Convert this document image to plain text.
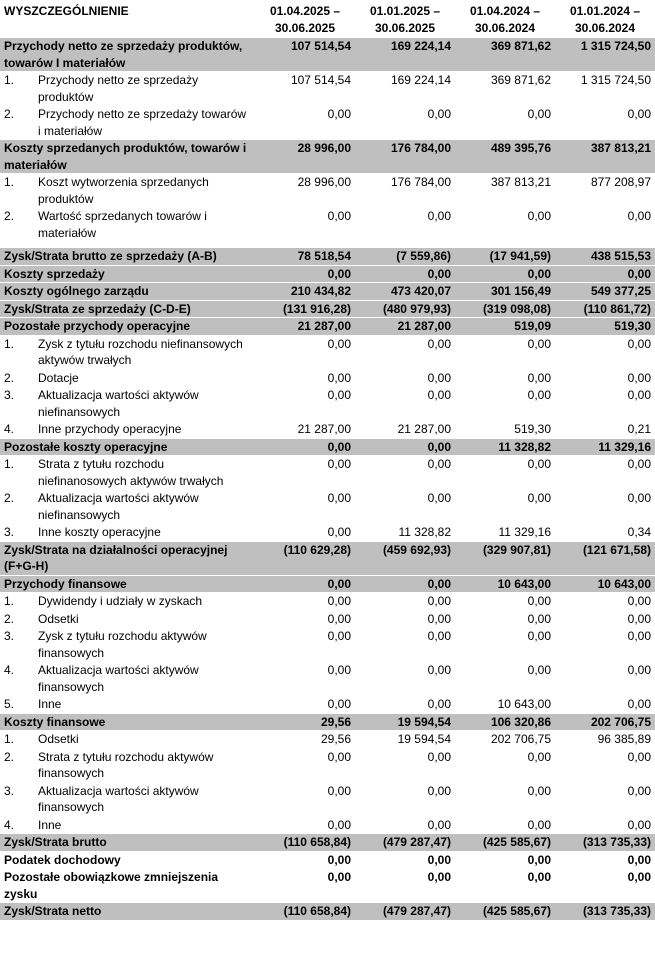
WYSZCZEGÓLNIENIE	01.04.2025 – 30.06.2025	01.01.2025 – 30.06.2025	01.04.2024 – 30.06.2024	01.01.2024 – 30.06.2024
Przychody netto ze sprzedaży produktów, towarów I materiałów	107 514,54	169 224,14	369 871,62	1 315 724,50

1. Przychody netto ze sprzedaży produktów	107 514,54	169 224,14	369 871,62	1 315 724,50

2. Przychody netto ze sprzedaży towarów i materiałów	0,00	0,00	0,00	0,00
Koszty sprzedanych produktów, towarów i materiałów	28 996,00	176 784,00	489 395,76	387 813,21

1. Koszt wytworzenia sprzedanych produktów	28 996,00	176 784,00	387 813,21	877 208,97

2. Wartość sprzedanych towarów i materiałów	0,00	0,00	0,00	0,00
Zysk/Strata brutto ze sprzedaży (A-B)	78 518,54	(7 559,86)	(17 941,59)	438 515,53
Koszty sprzedaży	0,00	0,00	0,00	0,00
Koszty ogólnego zarządu	210 434,82	473 420,07	301 156,49	549 377,25
Zysk/Strata ze sprzedaży (C-D-E)	(131 916,28)	(480 979,93)	(319 098,08)	(110 861,72)
Pozostałe przychody operacyjne	21 287,00	21 287,00	519,09	519,30

1. Zysk z tytułu rozchodu niefinansowych aktywów trwałych	0,00	0,00	0,00	0,00

2. Dotacje	0,00	0,00	0,00	0,00

3. Aktualizacja wartości aktywów niefinansowych	0,00	0,00	0,00	0,00

4. Inne przychody operacyjne	21 287,00	21 287,00	519,30	0,21
Pozostałe koszty operacyjne	0,00	0,00	11 328,82	11 329,16

1. Strata z tytułu rozchodu niefinanosowych aktywów trwałych	0,00	0,00	0,00	0,00

2. Aktualizacja wartości aktywów niefinansowych	0,00	0,00	0,00	0,00

3. Inne koszty operacyjne	0,00	11 328,82	11 329,16	0,34
Zysk/Strata na działalności operacyjnej (F+G-H)	(110 629,28)	(459 692,93)	(329 907,81)	(121 671,58)
Przychody finansowe	0,00	0,00	10 643,00	10 643,00

1. Dywidendy i udziały w zyskach	0,00	0,00	0,00	0,00

2. Odsetki	0,00	0,00	0,00	0,00

3. Zysk z tytułu rozchodu aktywów finansowych	0,00	0,00	0,00	0,00

4. Aktualizacja wartości aktywów finansowych	0,00	0,00	0,00	0,00

5. Inne	0,00	0,00	10 643,00	0,00
Koszty finansowe	29,56	19 594,54	106 320,86	202 706,75

1. Odsetki	29,56	19 594,54	202 706,75	96 385,89

2. Strata z tytułu rozchodu aktywów finansowych	0,00	0,00	0,00	0,00

3. Aktualizacja wartości aktywów finansowych	0,00	0,00	0,00	0,00

4. Inne	0,00	0,00	0,00	0,00
Zysk/Strata brutto	(110 658,84)	(479 287,47)	(425 585,67)	(313 735,33)
Podatek dochodowy	0,00	0,00	0,00	0,00
Pozostałe obowiązkowe zmniejszenia zysku	0,00	0,00	0,00	0,00
Zysk/Strata netto	(110 658,84)	(479 287,47)	(425 585,67)	(313 735,33)
